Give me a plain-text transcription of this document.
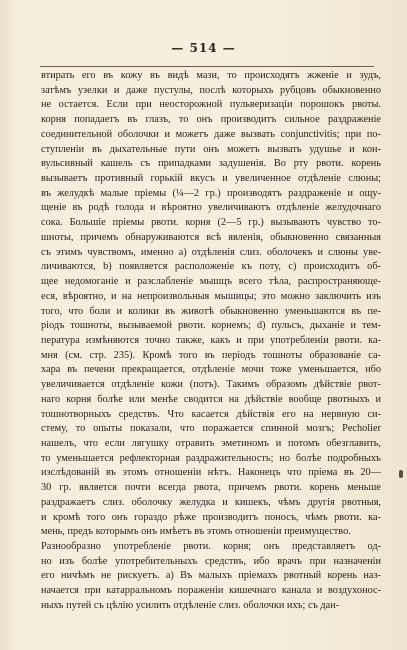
— 514 —
втирать его въ кожу въ видѣ мази, то происходятъ жженіе и зудъ,
затѣмъ узелки и даже пустулы, послѣ которыхъ рубцовъ обыкновенно
не остается. Если при неосторожной пульверизаціи порошокъ рвоты.
корня попадаетъ въ глазъ, то онъ производитъ сильное раздраженіе
соединительной оболочки и можетъ даже вызвать conjunctivitis; при по-
ступленіи въ дыхательные пути онъ можетъ вызвать удушье и кон-
вульсивный кашель съ припадками задушенія. Во рту рвоти. корень
вызываетъ противный горькій вкусъ и увеличенное отдѣленіе слюны;
въ желудкѣ малые пріемы (¼—2 гр.) производятъ раздраженіе и ощу-
щеніе въ родѣ голода и вѣроятно увеличиваютъ отдѣленіе желудочнаго
сока. Большіе пріемы рвоти. корня (2—5 гр.) вызываютъ чувство то-
шноты, причемъ обнаруживаются всѣ явленія, обыкновенно связанныя
съ этимъ чувствомъ, именно a) отдѣленія слиз. оболочекъ и слюны уве-
личиваются, b) появляется расположеніе къ поту, c) происходитъ об-
щее недомоганіе и разслабленіе мышцъ всего тѣла, распространяюще-
еся, вѣроятно, и на непроизвольныя мышицы; это можно заключить изъ
того, что боли и колики въ животѣ обыкновенно уменьшаются въ пе-
ріодъ тошноты, вызываемой рвоти. корнемъ; d) пульсъ, дыханіе и тем-
пература измѣняются точно также, какъ и при употребленіи рвоти. ка-
мня (см. стр. 235). Кромѣ того въ періодъ тошноты образованіе са-
хара въ печени прекращается, отдѣленіе мочи тоже уменьшается, нбо
увеличивается отдѣленіе кожи (потъ). Такимъ образомъ дѣйствіе рвот-
наго корня болѣе или менѣе сводится на дѣйствіе вообще рвотныхъ и
тошнотворныхъ средствъ. Что касается дѣйствія его на нервную си-
стему, то опыты показали, что поражается спинной мозгъ; Pecholier
нашелъ, что если лягушку отравить эметиномъ и потомъ обезглавить,
то уменьшается рефлекторная раздражительность; но болѣе подробныхъ
изслѣдованій въ этомъ отношеніи нѣтъ. Наконецъ что пріема въ 20—
30 гр. является почти всегда рвота, причемъ рвоти. корень меньше
раздражаетъ слиз. оболочку желудка и кишекъ, чѣмъ другія рвотныя,
и кромѣ того онъ гораздо рѣже производитъ поносъ, чѣмъ рвоти. ка-
мень, предъ которымъ онъ имѣетъ въ этомъ отношеніи преимущество.
Разнообразно употребленіе рвоти. корня; онъ представляетъ од-
но изъ болѣе употребительныхъ средствъ, ибо врачъ при назначеніи
его ничѣмъ не рискуетъ. a) Въ малыхъ пріемахъ рвотный корень наз-
начается при катарральномъ пораженіи кишечнаго канала и воздухонос-
ныхъ путей съ цѣлію усилить отдѣленіе слиз. оболочки ихъ; съ дан-
